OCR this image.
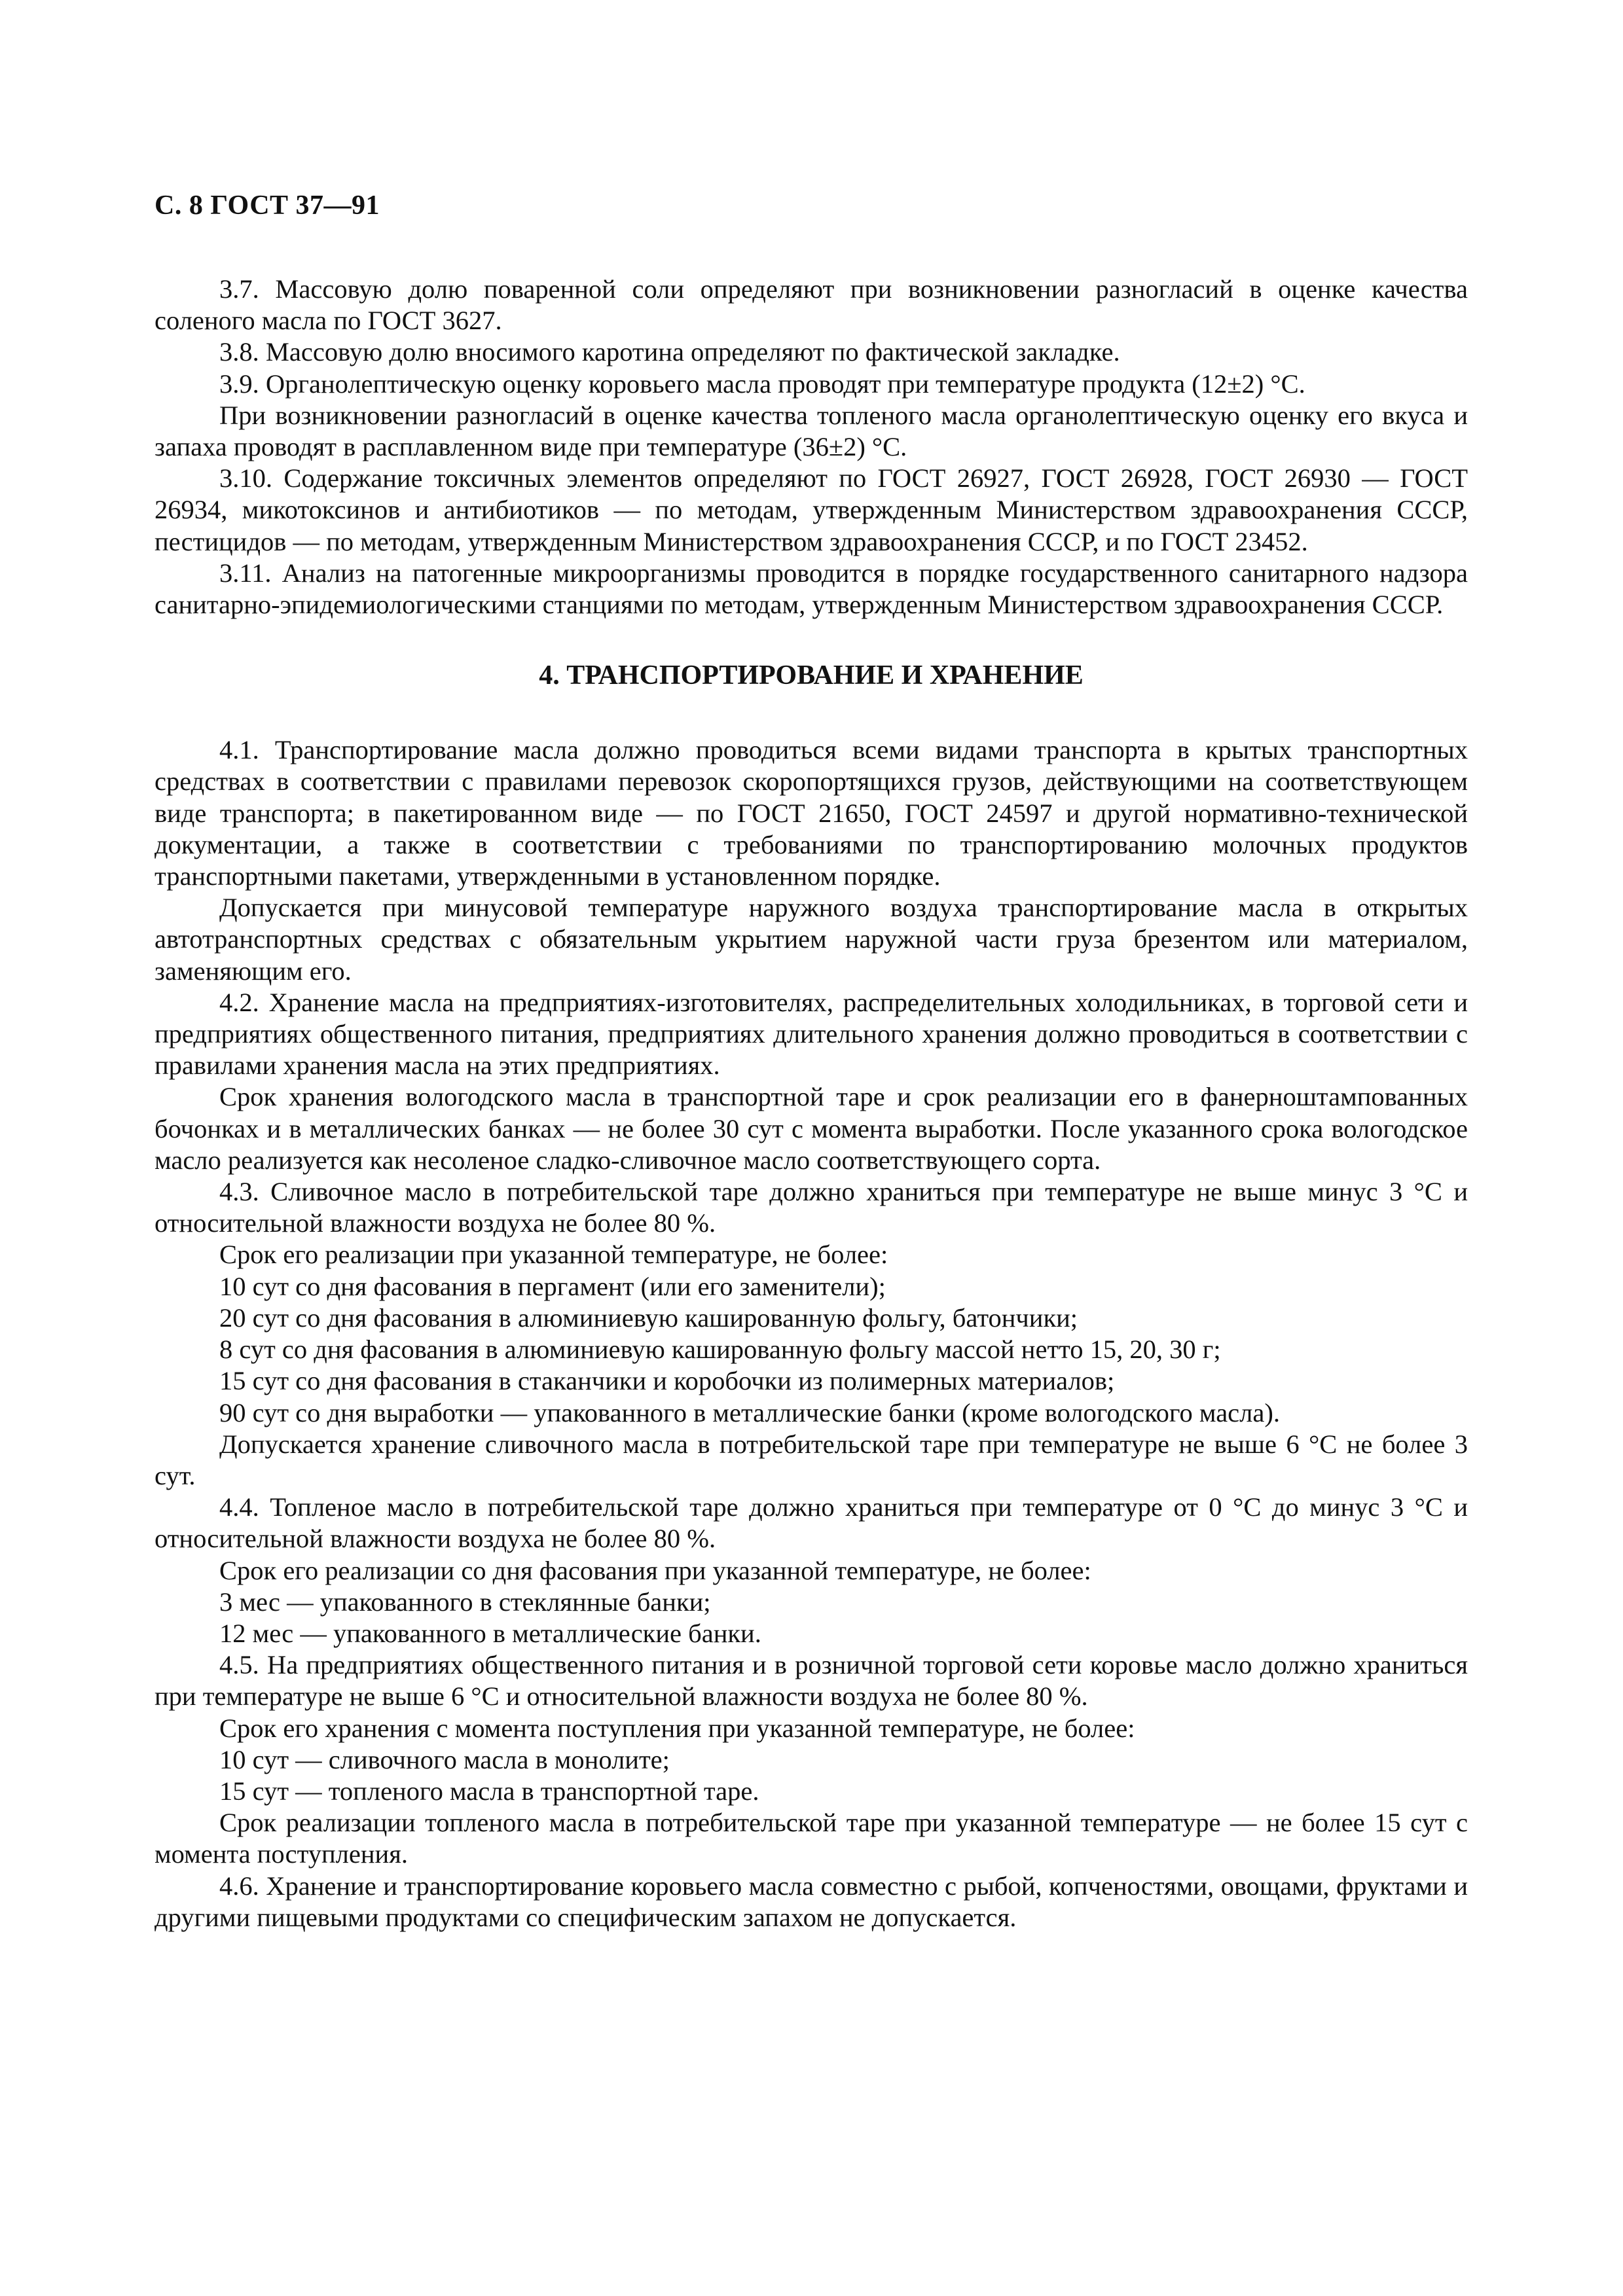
С. 8 ГОСТ 37—91

3.7. Массовую долю поваренной соли определяют при возникновении разногласий в оценке качества соленого масла по ГОСТ 3627.

3.8. Массовую долю вносимого каротина определяют по фактической закладке.

3.9. Органолептическую оценку коровьего масла проводят при температуре продукта (12±2) °С.

При возникновении разногласий в оценке качества топленого масла органолептическую оценку его вкуса и запаха проводят в расплавленном виде при температуре (36±2) °С.

3.10. Содержание токсичных элементов определяют по ГОСТ 26927, ГОСТ 26928, ГОСТ 26930 — ГОСТ 26934, микотоксинов и антибиотиков — по методам, утвержденным Министерством здравоохранения СССР, пестицидов — по методам, утвержденным Министерством здравоохранения СССР, и по ГОСТ 23452.

3.11. Анализ на патогенные микроорганизмы проводится в порядке государственного санитарного надзора санитарно-эпидемиологическими станциями по методам, утвержденным Министерством здравоохранения СССР.

4. ТРАНСПОРТИРОВАНИЕ И ХРАНЕНИЕ

4.1. Транспортирование масла должно проводиться всеми видами транспорта в крытых транспортных средствах в соответствии с правилами перевозок скоропортящихся грузов, действующими на соответствующем виде транспорта; в пакетированном виде — по ГОСТ 21650, ГОСТ 24597 и другой нормативно-технической документации, а также в соответствии с требованиями по транспортированию молочных продуктов транспортными пакетами, утвержденными в установленном порядке.

Допускается при минусовой температуре наружного воздуха транспортирование масла в открытых автотранспортных средствах с обязательным укрытием наружной части груза брезентом или материалом, заменяющим его.

4.2. Хранение масла на предприятиях-изготовителях, распределительных холодильниках, в торговой сети и предприятиях общественного питания, предприятиях длительного хранения должно проводиться в соответствии с правилами хранения масла на этих предприятиях.

Срок хранения вологодского масла в транспортной таре и срок реализации его в фанерноштампованных бочонках и в металлических банках — не более 30 сут с момента выработки. После указанного срока вологодское масло реализуется как несоленое сладко-сливочное масло соответствующего сорта.

4.3. Сливочное масло в потребительской таре должно храниться при температуре не выше минус 3 °С и относительной влажности воздуха не более 80 %.

Срок его реализации при указанной температуре, не более:

10 сут со дня фасования в пергамент (или его заменители);

20 сут со дня фасования в алюминиевую кашированную фольгу, батончики;

8 сут со дня фасования в алюминиевую кашированную фольгу массой нетто 15, 20, 30 г;

15 сут со дня фасования в стаканчики и коробочки из полимерных материалов;

90 сут со дня выработки — упакованного в металлические банки (кроме вологодского масла).

Допускается хранение сливочного масла в потребительской таре при температуре не выше 6 °С не более 3 сут.

4.4. Топленое масло в потребительской таре должно храниться при температуре от 0 °С до минус 3 °С и относительной влажности воздуха не более 80 %.

Срок его реализации со дня фасования при указанной температуре, не более:

3 мес — упакованного в стеклянные банки;

12 мес — упакованного в металлические банки.

4.5. На предприятиях общественного питания и в розничной торговой сети коровье масло должно храниться при температуре не выше 6 °С и относительной влажности воздуха не более 80 %.

Срок его хранения с момента поступления при указанной температуре, не более:

10 сут — сливочного масла в монолите;

15 сут — топленого масла в транспортной таре.

Срок реализации топленого масла в потребительской таре при указанной температуре — не более 15 сут с момента поступления.

4.6. Хранение и транспортирование коровьего масла совместно с рыбой, копченостями, овощами, фруктами и другими пищевыми продуктами со специфическим запахом не допускается.
